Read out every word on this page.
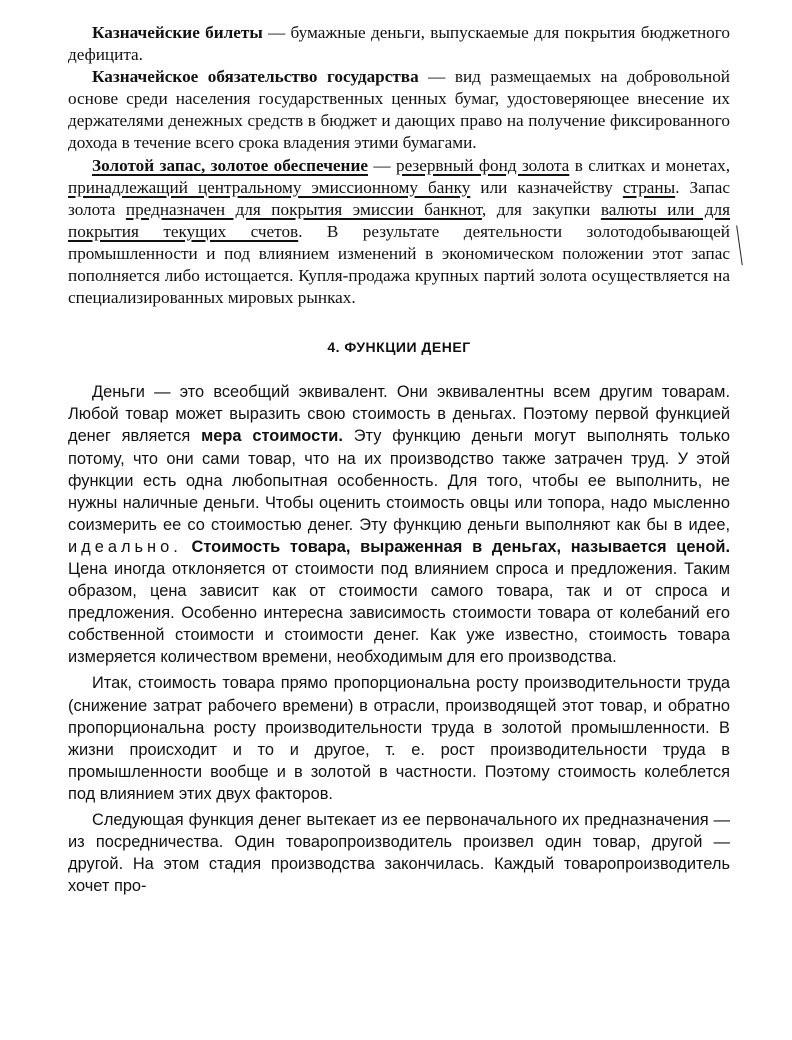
Казначейские билеты — бумажные деньги, выпускаемые для покрытия бюджетного дефицита.

Казначейское обязательство государства — вид размещаемых на добровольной основе среди населения государственных ценных бумаг, удостоверяющее внесение их держателями денежных средств в бюджет и дающих право на получение фиксированного дохода в течение всего срока владения этими бумагами.

Золотой запас, золотое обеспечение — резервный фонд золота в слитках и монетах, принадлежащий центральному эмиссионному банку или казначейству страны. Запас золота предназначен для покрытия эмиссии банкнот, для закупки валюты или для покрытия текущих счетов. В результате деятельности золотодобывающей промышленности и под влиянием изменений в экономическом положении этот запас пополняется либо истощается. Купля-продажа крупных партий золота осуществляется на специализированных мировых рынках.

4. ФУНКЦИИ ДЕНЕГ

Деньги — это всеобщий эквивалент. Они эквивалентны всем другим товарам. Любой товар может выразить свою стоимость в деньгах. Поэтому первой функцией денег является мера стоимости. Эту функцию деньги могут выполнять только потому, что они сами товар, что на их производство также затрачен труд. У этой функции есть одна любопытная особенность. Для того, чтобы ее выполнить, не нужны наличные деньги. Чтобы оценить стоимость овцы или топора, надо мысленно соизмерить ее со стоимостью денег. Эту функцию деньги выполняют как бы в идее, идеально. Стоимость товара, выраженная в деньгах, называется ценой. Цена иногда отклоняется от стоимости под влиянием спроса и предложения. Таким образом, цена зависит как от стоимости самого товара, так и от спроса и предложения. Особенно интересна зависимость стоимости товара от колебаний его собственной стоимости и стоимости денег. Как уже известно, стоимость товара измеряется количеством времени, необходимым для его производства.

Итак, стоимость товара прямо пропорциональна росту производительности труда (снижение затрат рабочего времени) в отрасли, производящей этот товар, и обратно пропорциональна росту производительности труда в золотой промышленности. В жизни происходит и то и другое, т. е. рост производительности труда в промышленности вообще и в золотой в частности. Поэтому стоимость колеблется под влиянием этих двух факторов.

Следующая функция денег вытекает из ее первоначального их предназначения — из посредничества. Один товаропроизводитель произвел один товар, другой — другой. На этом стадия производства закончилась. Каждый товаропроизводитель хочет про-
